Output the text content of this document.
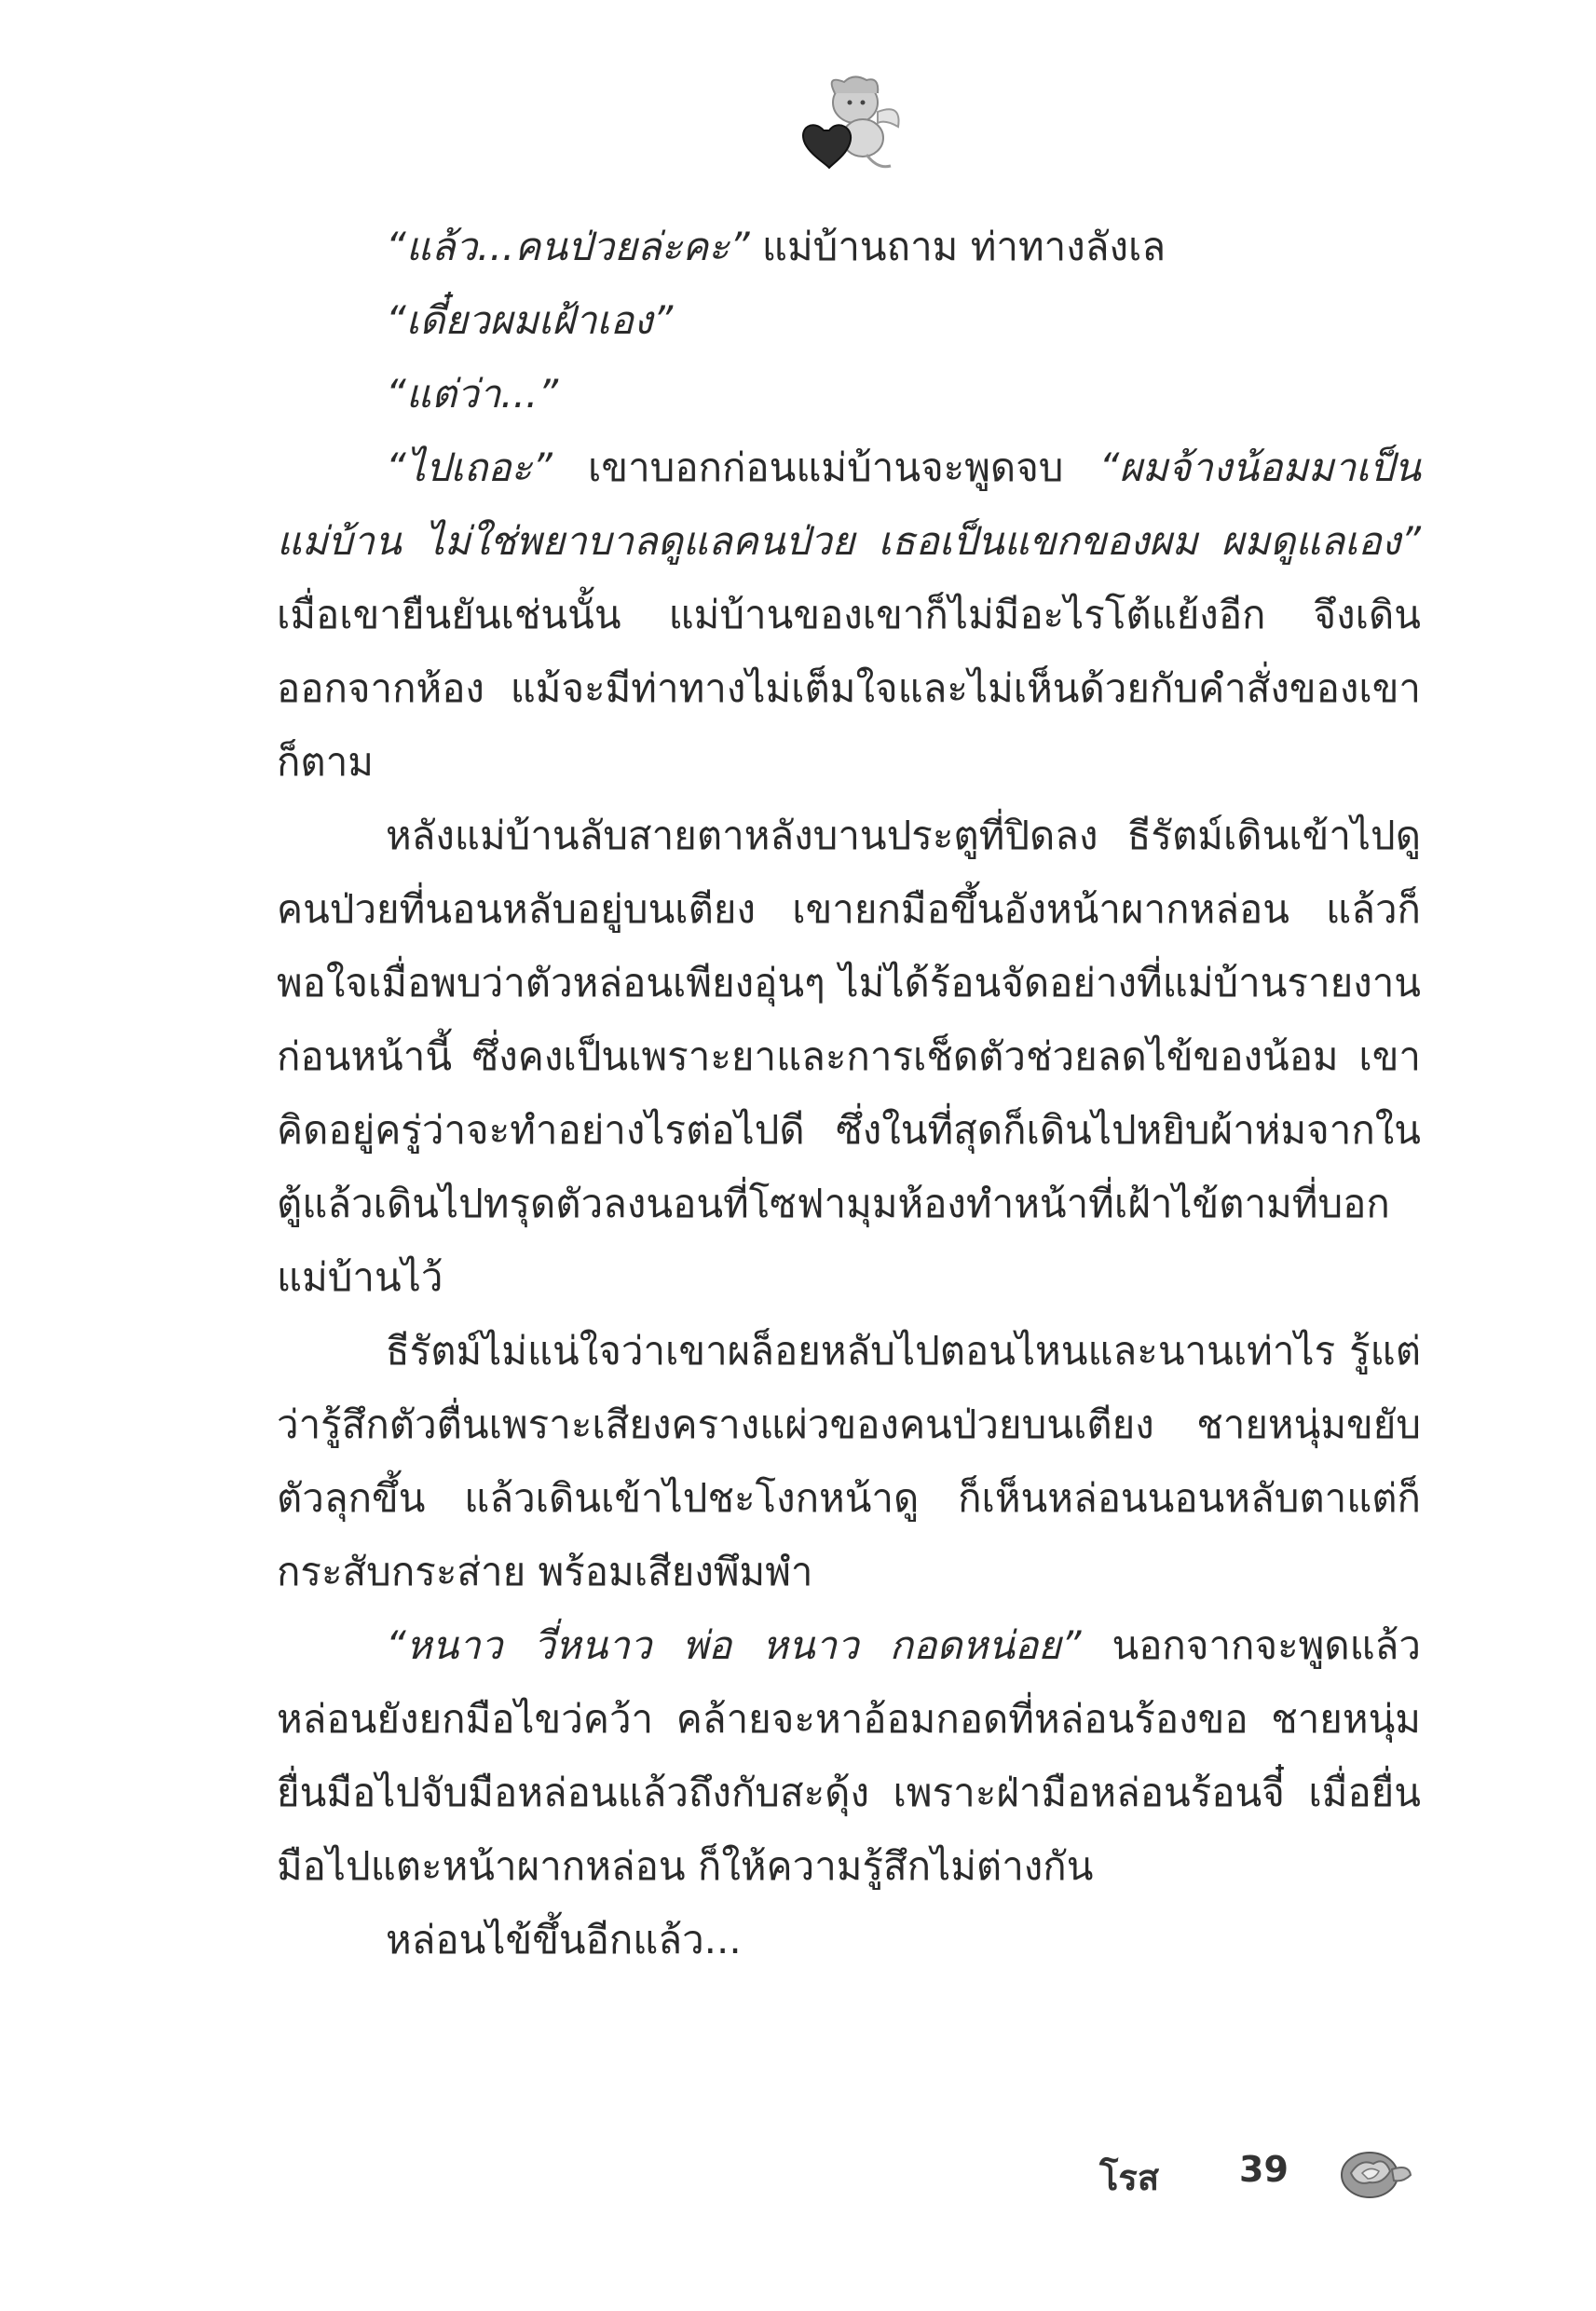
“แล้ว...คนป่วยล่ะคะ” แม่บ้านถาม ท่าทางลังเล

“เดี๋ยวผมเฝ้าเอง”

“แต่ว่า...”

“ไปเถอะ” เขาบอกก่อนแม่บ้านจะพูดจบ “ผมจ้างน้อมมาเป็นแม่บ้าน ไม่ใช่พยาบาลดูแลคนป่วย เธอเป็นแขกของผม ผมดูแลเอง” เมื่อเขายืนยันเช่นนั้น แม่บ้านของเขาก็ไม่มีอะไรโต้แย้งอีก จึงเดินออกจากห้อง แม้จะมีท่าทางไม่เต็มใจและไม่เห็นด้วยกับคำสั่งของเขาก็ตาม

หลังแม่บ้านลับสายตาหลังบานประตูที่ปิดลง ธีรัตม์เดินเข้าไปดูคนป่วยที่นอนหลับอยู่บนเตียง เขายกมือขึ้นอังหน้าผากหล่อน แล้วก็พอใจเมื่อพบว่าตัวหล่อนเพียงอุ่นๆ ไม่ได้ร้อนจัดอย่างที่แม่บ้านรายงานก่อนหน้านี้ ซึ่งคงเป็นเพราะยาและการเช็ดตัวช่วยลดไข้ของน้อม เขาคิดอยู่ครู่ว่าจะทำอย่างไรต่อไปดี ซึ่งในที่สุดก็เดินไปหยิบผ้าห่มจากในตู้แล้วเดินไปทรุดตัวลงนอนที่โซฟามุมห้องทำหน้าที่เฝ้าไข้ตามที่บอกแม่บ้านไว้

ธีรัตม์ไม่แน่ใจว่าเขาผล็อยหลับไปตอนไหนและนานเท่าไร รู้แต่ว่ารู้สึกตัวตื่นเพราะเสียงครางแผ่วของคนป่วยบนเตียง ชายหนุ่มขยับตัวลุกขึ้น แล้วเดินเข้าไปชะโงกหน้าดู ก็เห็นหล่อนนอนหลับตาแต่ก็กระสับกระส่าย พร้อมเสียงพึมพำ

“หนาว วี่หนาว พ่อ หนาว กอดหน่อย” นอกจากจะพูดแล้วหล่อนยังยกมือไขว่คว้า คล้ายจะหาอ้อมกอดที่หล่อนร้องขอ ชายหนุ่มยื่นมือไปจับมือหล่อนแล้วถึงกับสะดุ้ง เพราะฝ่ามือหล่อนร้อนจี๋ เมื่อยื่นมือไปแตะหน้าผากหล่อน ก็ให้ความรู้สึกไม่ต่างกัน

หล่อนไข้ขึ้นอีกแล้ว...

โรส 39
